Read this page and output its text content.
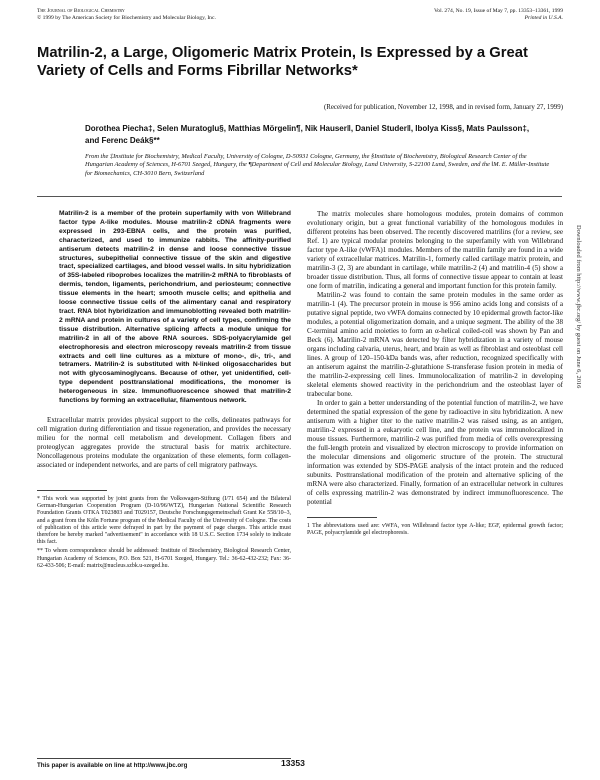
The Journal of Biological Chemistry
© 1999 by The American Society for Biochemistry and Molecular Biology, Inc.
Vol. 274, No. 19, Issue of May 7, pp. 13353–13361, 1999
Printed in U.S.A.
Matrilin-2, a Large, Oligomeric Matrix Protein, Is Expressed by a Great Variety of Cells and Forms Fibrillar Networks*
(Received for publication, November 12, 1998, and in revised form, January 27, 1999)
Dorothea Piecha‡, Selen Muratoglu§, Matthias Mörgelin¶, Nik Hauser‖, Daniel Studer‖, Ibolya Kiss§, Mats Paulsson‡, and Ferenc Deák§**
From the ‡Institute for Biochemistry, Medical Faculty, University of Cologne, D-50931 Cologne, Germany, the §Institute of Biochemistry, Biological Research Center of the Hungarian Academy of Sciences, H-6701 Szeged, Hungary, the ¶Department of Cell and Molecular Biology, Lund University, S-22100 Lund, Sweden, and the ‖M. E. Müller-Institute for Biomechanics, CH-3010 Bern, Switzerland

Matrilin-2 is a member of the protein superfamily with von Willebrand factor type A-like modules. Mouse matrilin-2 cDNA fragments were expressed in 293-EBNA cells, and the protein was purified, characterized, and used to immunize rabbits. The affinity-purified antiserum detects matrilin-2 in dense and loose connective tissue structures, subepithelial connective tissue of the skin and digestive tract, specialized cartilages, and blood vessel walls. In situ hybridization of 35S-labeled riboprobes localizes the matrilin-2 mRNA to fibroblasts of dermis, tendon, ligaments, perichondrium, and periosteum; connective tissue elements in the heart; smooth muscle cells; and epithelia and loose connective tissue cells of the alimentary canal and respiratory tract. RNA blot hybridization and immunoblotting revealed both matrilin-2 mRNA and protein in cultures of a variety of cell types, confirming the tissue distribution. Alternative splicing affects a module unique for matrilin-2 in all of the above RNA sources. SDS-polyacrylamide gel electrophoresis and electron microscopy reveals matrilin-2 from tissue extracts and cell line cultures as a mixture of mono-, di-, tri-, and tetramers. Matrilin-2 is substituted with N-linked oligosaccharides but not with glycosaminoglycans. Because of other, yet unidentified, cell-type dependent posttranslational modifications, the monomer is heterogeneous in size. Immunofluorescence showed that matrilin-2 functions by forming an extracellular, filamentous network.

Extracellular matrix provides physical support to the cells, delineates pathways for cell migration during differentiation and tissue regeneration, and provides the necessary milieu for the normal cell metabolism and development. Collagen fibers and proteoglycan aggregates provide the structural basis for matrix architecture. Noncollagenous proteins modulate the organization of these elements, form collagen-associated or independent networks, and are parts of cell migratory pathways.

* This work was supported by joint grants from the Volkswagen-Stiftung (I/71 654) and the Bilateral German-Hungarian Cooperation Program (D-10/96/WTZ), Hungarian National Scientific Research Foundation Grants OTKA T023803 and T029157, Deutsche Forschungsgemeinschaft Grant Ke 558/10–3, and a grant from the Köln Fortune program of the Medical Faculty of the University of Cologne. The costs of publication of this article were defrayed in part by the payment of page charges. This article must therefore be hereby marked "advertisement" in accordance with 18 U.S.C. Section 1734 solely to indicate this fact.

** To whom correspondence should be addressed: Institute of Biochemistry, Biological Research Center, Hungarian Academy of Sciences, P.O. Box 521, H-6701 Szeged, Hungary. Tel.: 36-62-432-232; Fax: 36-62-433-506; E-mail: matrix@nucleus.szbk.u-szeged.hu.

The matrix molecules share homologous modules, protein domains of common evolutionary origin, but a great functional variability of the homologous modules in different proteins has been observed. The recently discovered matrilins (for a review, see Ref. 1) are typical modular proteins belonging to the superfamily with von Willebrand factor type A-like (vWFA)1 modules. Members of the matrilin family are found in a wide variety of extracellular matrices. Matrilin-1, formerly called cartilage matrix protein, and matrilin-3 (2, 3) are abundant in cartilage, while matrilin-2 (4) and matrilin-4 (5) show a broader tissue distribution. Thus, all forms of connective tissue appear to contain at least one form of matrilin, indicating a general and important function for this protein family.

Matrilin-2 was found to contain the same protein modules in the same order as matrilin-1 (4). The precursor protein in mouse is 956 amino acids long and consists of a putative signal peptide, two vWFA domains connected by 10 epidermal growth factor-like modules, a potential oligomerization domain, and a unique segment. The ability of the 38 C-terminal amino acid moieties to form an α-helical coiled-coil was shown by Pan and Beck (6). Matrilin-2 mRNA was detected by filter hybridization in a variety of mouse organs including calvaria, uterus, heart, and brain as well as fibroblast and osteoblast cell lines. A group of 120–150-kDa bands was, after reduction, recognized specifically with an antiserum against the matrilin-2-glutathione S-transferase fusion protein in media of the matrilin-2-expressing cell lines. Immunolocalization of matrilin-2 in developing skeletal elements showed reactivity in the perichondrium and the osteoblast layer of trabecular bone.

In order to gain a better understanding of the potential function of matrilin-2, we have determined the spatial expression of the gene by radioactive in situ hybridization. A new antiserum with a higher titer to the native matrilin-2 was raised using, as an antigen, matrilin-2 expressed in a eukaryotic cell line, and the protein was immunolocalized in mouse tissues. Furthermore, matrilin-2 was purified from media of cells overexpressing the full-length protein and visualized by electron microscopy to provide information on the molecular dimensions and oligomeric structure of the protein. The structural information was extended by SDS-PAGE analysis of the intact protein and the reduced subunits. Posttranslational modification of the protein and alternative splicing of the mRNA were also characterized. Finally, formation of an extracellular network in cultures of cells expressing matrilin-2 was demonstrated by indirect immunofluorescence. The potential

1 The abbreviations used are: vWFA, von Willebrand factor type A-like; EGF, epidermal growth factor; PAGE, polyacrylamide gel electrophoresis.

Downloaded from http://www.jbc.org/ by guest on June 6, 2016
This paper is available on line at http://www.jbc.org	13353
